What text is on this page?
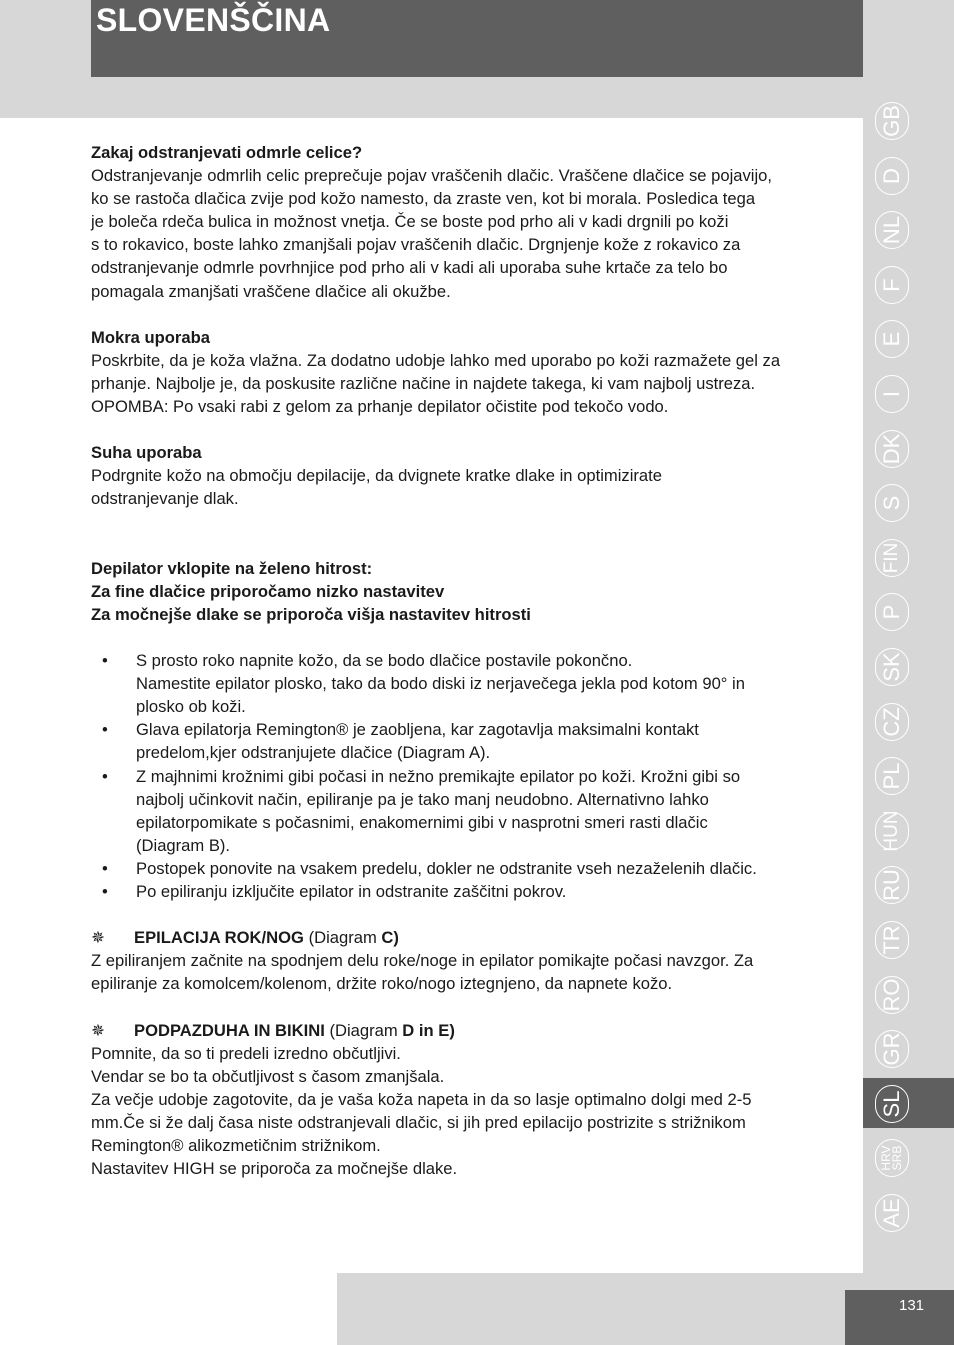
SLOVENŠČINA
131

Zakaj odstranjevati odmrle celice?

Odstranjevanje odmrlih celic preprečuje pojav vraščenih dlačic. Vraščene dlačice se pojavijo,

ko se rastoča dlačica zvije pod kožo namesto, da zraste ven, kot bi morala. Posledica tega

je boleča rdeča bulica in možnost vnetja. Če se boste pod prho ali v kadi drgnili po koži

s to rokavico, boste lahko zmanjšali pojav vraščenih dlačic. Drgnjenje kože z rokavico za

odstranjevanje odmrle povrhnjice pod prho ali v kadi ali uporaba suhe krtače za telo bo

pomagala zmanjšati vraščene dlačice ali okužbe.

Mokra uporaba

Poskrbite, da je koža vlažna. Za dodatno udobje lahko med uporabo po koži razmažete gel za

prhanje. Najbolje je, da poskusite različne načine in najdete takega, ki vam najbolj ustreza.

OPOMBA: Po vsaki rabi z gelom za prhanje depilator očistite pod tekočo vodo.

Suha uporaba

Podrgnite kožo na območju depilacije, da dvignete kratke dlake in optimizirate

odstranjevanje dlak.

Depilator vklopite na želeno hitrost:

Za fine dlačice priporočamo nizko nastavitev

Za močnejše dlake se priporoča višja nastavitev hitrosti

• S prosto roko napnite kožo, da se bodo dlačice postavile pokončno.
Namestite epilator plosko, tako da bodo diski iz nerjavečega jekla pod kotom 90° in
plosko ob koži.
• Glava epilatorja Remington® je zaobljena, kar zagotavlja maksimalni kontakt
predelom,kjer odstranjujete dlačice (Diagram A).
• Z majhnimi krožnimi gibi počasi in nežno premikajte epilator po koži. Krožni gibi so
najbolj učinkovit način, epiliranje pa je tako manj neudobno. Alternativno lahko
epilatorpomikate s počasnimi, enakomernimi gibi v nasprotni smeri rasti dlačic
(Diagram B).
• Postopek ponovite na vsakem predelu, dokler ne odstranite vseh nezaželenih dlačic.
• Po epiliranju izključite epilator in odstranite zaščitni pokrov.

✵ EPILACIJA ROK/NOG (Diagram C)

Z epiliranjem začnite na spodnjem delu roke/noge in epilator pomikajte počasi navzgor. Za

epiliranje za komolcem/kolenom, držite roko/nogo iztegnjeno, da napnete kožo.

✵ PODPAZDUHA IN BIKINI (Diagram D in E)

Pomnite, da so ti predeli izredno občutljivi.

Vendar se bo ta občutljivost s časom zmanjšala.

Za večje udobje zagotovite, da je vaša koža napeta in da so lasje optimalno dolgi med 2-5

mm.Če si že dalj časa niste odstranjevali dlačic, si jih pred epilacijo postrizite s strižnikom

Remington® alikozmetičnim strižnikom.

Nastavitev HIGH se priporoča za močnejše dlake.

GB
D
NL
F
E
I
DK
S
FIN
P
SK
CZ
PL
HUN
RU
TR
RO
GR
SL
HRV
SRB
AE
